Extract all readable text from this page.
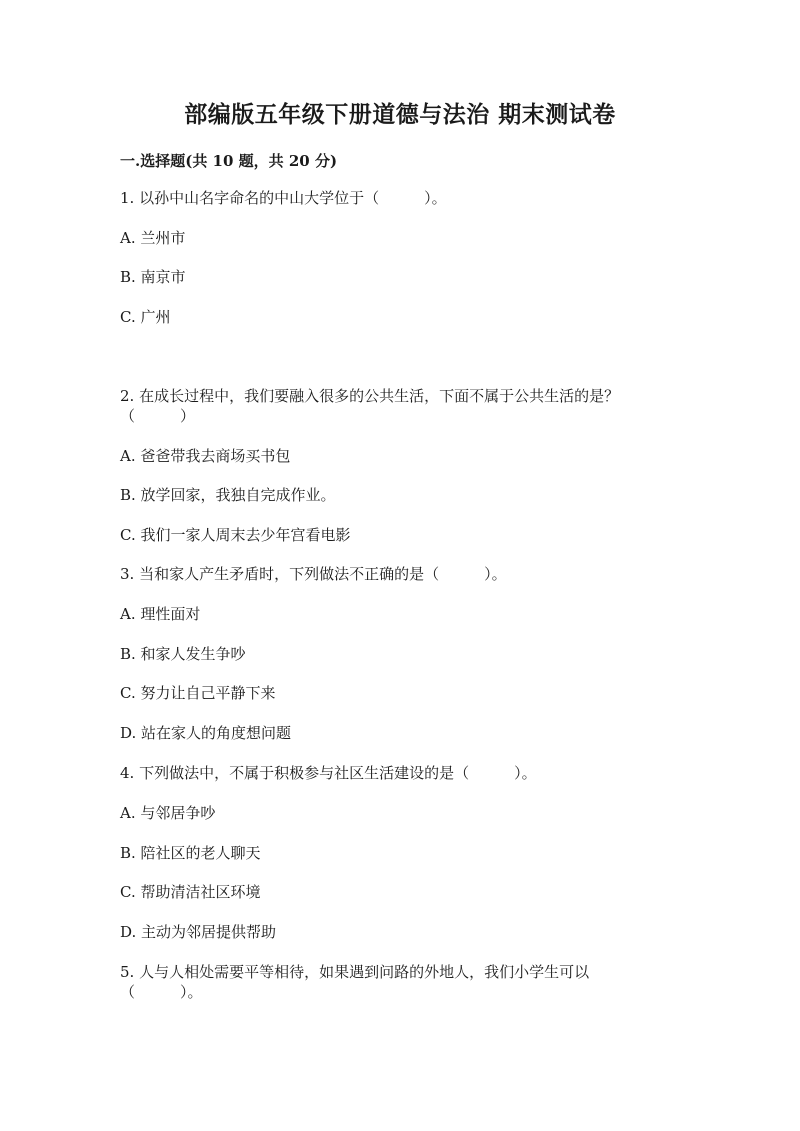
部编版五年级下册道德与法治 期末测试卷

一.选择题(共 10 题，共 20 分)

1. 以孙中山名字命名的中山大学位于（　　　）。

A. 兰州市

B. 南京市

C. 广州

2. 在成长过程中，我们要融入很多的公共生活，下面不属于公共生活的是？（　　　）

A. 爸爸带我去商场买书包

B. 放学回家，我独自完成作业。

C. 我们一家人周末去少年宫看电影

3. 当和家人产生矛盾时，下列做法不正确的是（　　　）。

A. 理性面对

B. 和家人发生争吵

C. 努力让自己平静下来

D. 站在家人的角度想问题

4. 下列做法中，不属于积极参与社区生活建设的是（　　　）。

A. 与邻居争吵

B. 陪社区的老人聊天

C. 帮助清洁社区环境

D. 主动为邻居提供帮助

5. 人与人相处需要平等相待，如果遇到问路的外地人，我们小学生可以（　　　）。
